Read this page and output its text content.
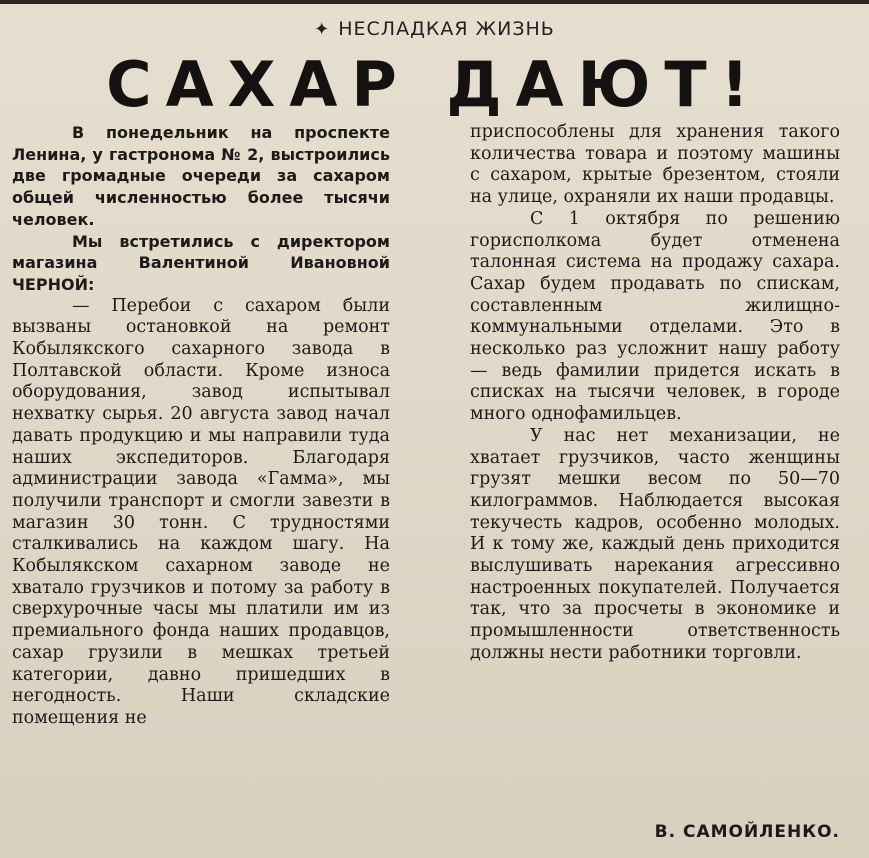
✦ НЕСЛАДКАЯ ЖИЗНЬ
САХАР ДАЮТ!

В понедельник на проспекте Ленина, у гастронома № 2, выстроились две громадные очереди за сахаром общей численностью более тысячи человек.

Мы встретились с директором магазина Валентиной Ивановной ЧЕРНОЙ:

— Перебои с сахаром были вызваны остановкой на ремонт Кобылякского сахарного завода в Полтавской области. Кроме износа оборудования, завод испытывал нехватку сырья. 20 августа завод начал давать продукцию и мы направили туда наших экспедиторов. Благодаря администрации завода «Гамма», мы получили транспорт и смогли завезти в магазин 30 тонн. С трудностями сталкивались на каждом шагу. На Кобылякском сахарном заводе не хватало грузчиков и потому за работу в сверхурочные часы мы платили им из премиального фонда наших продавцов, сахар грузили в мешках третьей категории, давно пришедших в негодность. Наши складские помещения не

приспособлены для хранения такого количества товара и поэтому машины с сахаром, крытые брезентом, стояли на улице, охраняли их наши продавцы.

С 1 октября по решению горисполкома будет отменена талонная система на продажу сахара. Сахар будем продавать по спискам, составленным жилищно-коммунальными отделами. Это в несколько раз усложнит нашу работу — ведь фамилии придется искать в списках на тысячи человек, в городе много однофамильцев.

У нас нет механизации, не хватает грузчиков, часто женщины грузят мешки весом по 50—70 килограммов. Наблюдается высокая текучесть кадров, особенно молодых. И к тому же, каждый день приходится выслушивать нарекания агрессивно настроенных покупателей. Получается так, что за просчеты в экономике и промышленности ответственность должны нести работники торговли.

В. САМОЙЛЕНКО.
